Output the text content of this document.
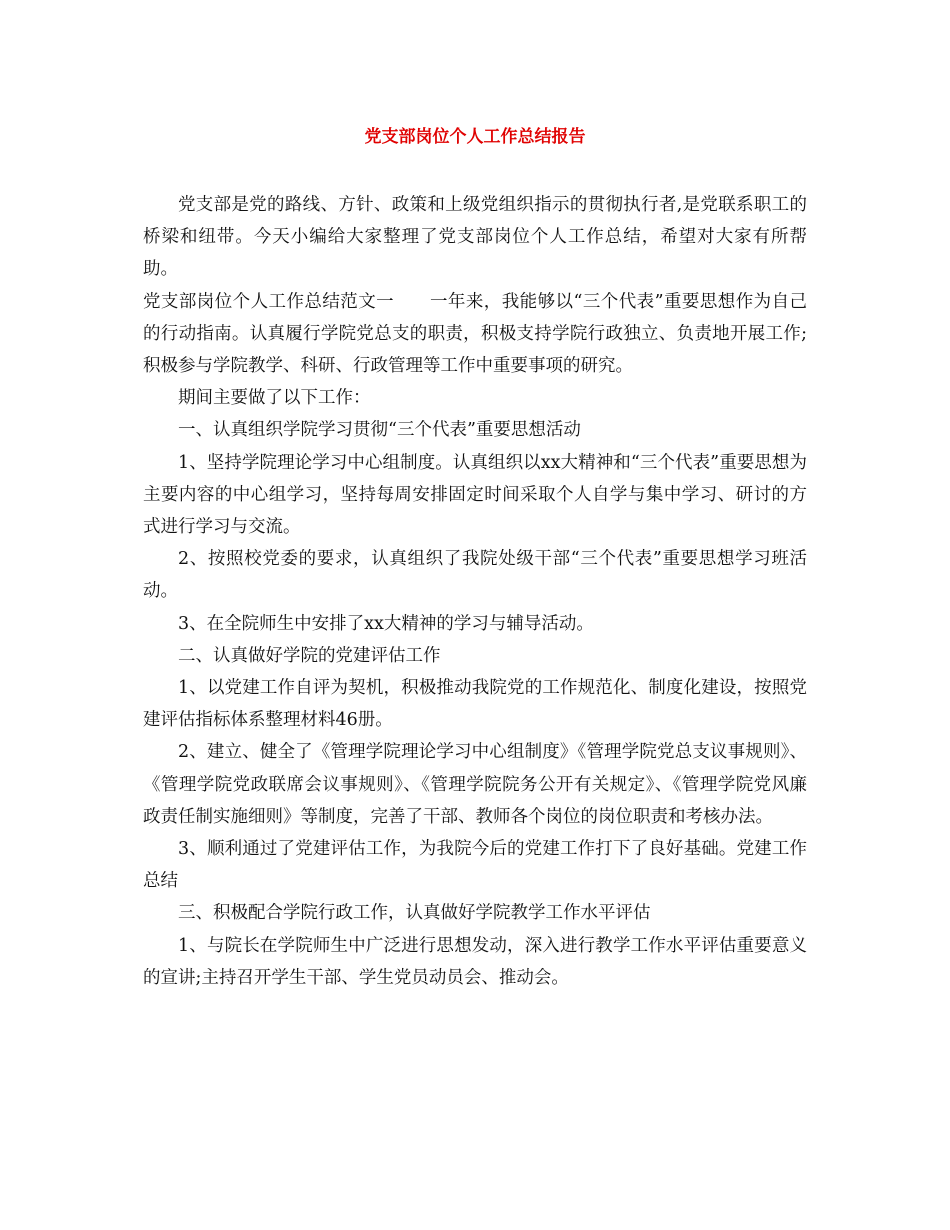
党支部岗位个人工作总结报告

党支部是党的路线、方针、政策和上级党组织指示的贯彻执行者,是党联系职工的桥梁和纽带。今天小编给大家整理了党支部岗位个人工作总结，希望对大家有所帮助。

党支部岗位个人工作总结范文一　　一年来，我能够以“三个代表”重要思想作为自己的行动指南。认真履行学院党总支的职责，积极支持学院行政独立、负责地开展工作;积极参与学院教学、科研、行政管理等工作中重要事项的研究。

期间主要做了以下工作：

一、认真组织学院学习贯彻“三个代表”重要思想活动

1、坚持学院理论学习中心组制度。认真组织以xx大精神和“三个代表”重要思想为主要内容的中心组学习，坚持每周安排固定时间采取个人自学与集中学习、研讨的方式进行学习与交流。

2、按照校党委的要求，认真组织了我院处级干部“三个代表”重要思想学习班活动。

3、在全院师生中安排了xx大精神的学习与辅导活动。

二、认真做好学院的党建评估工作

1、以党建工作自评为契机，积极推动我院党的工作规范化、制度化建设，按照党建评估指标体系整理材料46册。

2、建立、健全了《管理学院理论学习中心组制度》《管理学院党总支议事规则》、《管理学院党政联席会议事规则》、《管理学院院务公开有关规定》、《管理学院党风廉政责任制实施细则》等制度，完善了干部、教师各个岗位的岗位职责和考核办法。

3、顺利通过了党建评估工作，为我院今后的党建工作打下了良好基础。党建工作总结

三、积极配合学院行政工作，认真做好学院教学工作水平评估

1、与院长在学院师生中广泛进行思想发动，深入进行教学工作水平评估重要意义的宣讲;主持召开学生干部、学生党员动员会、推动会。
